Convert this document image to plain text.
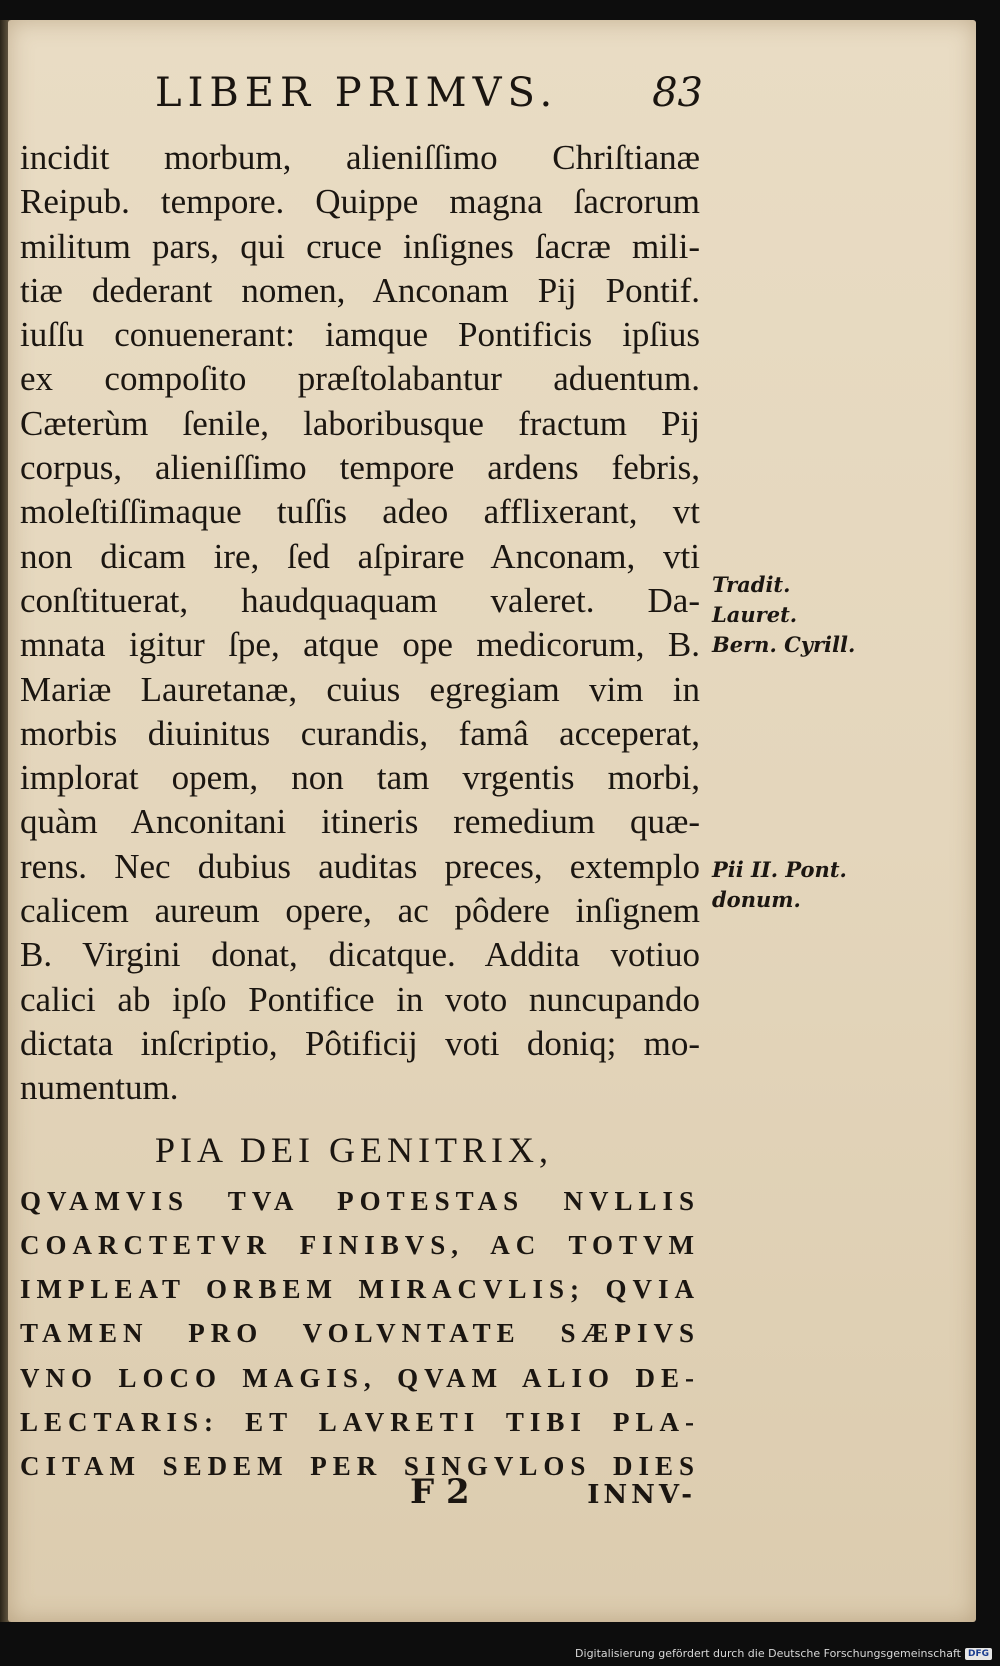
LIBER PRIMVS. 83
incidit morbum, alieniſſimo Chriſtianæ
Reipub. tempore. Quippe magna ſacrorum
militum pars, qui cruce inſignes ſacræ mili-
tiæ dederant nomen, Anconam Pij Pontif.
iuſſu conuenerant: iamque Pontificis ipſius
ex compoſito præſtolabantur aduentum.
Cæterùm ſenile, laboribusque fractum Pij
corpus, alieniſſimo tempore ardens febris,
moleſtiſſimaque tuſſis adeo afflixerant, vt
non dicam ire, ſed aſpirare Anconam, vti
conſtituerat, haudquaquam valeret. Da-
mnata igitur ſpe, atque ope medicorum, B.
Mariæ Lauretanæ, cuius egregiam vim in
morbis diuinitus curandis, famâ acceperat,
implorat opem, non tam vrgentis morbi,
quàm Anconitani itineris remedium quæ-
rens. Nec dubius auditas preces, extemplo
calicem aureum opere, ac pôdere inſignem
B. Virgini donat, dicatque. Addita votiuo
calici ab ipſo Pontifice in voto nuncupando
dictata inſcriptio, Pôtificij voti doniq; mo-
numentum.
PIA DEI GENITRIX,
QVAMVIS TVA POTESTAS NVLLIS
COARCTETVR FINIBVS, AC TOTVM
IMPLEAT ORBEM MIRACVLIS; QVIA
TAMEN PRO VOLVNTATE SÆPIVS
VNO LOCO MAGIS, QVAM ALIO DE-
LECTARIS: ET LAVRETI TIBI PLA-
CITAM SEDEM PER SINGVLOS DIES
F 2	INNV-
Tradit.
Lauret.
Bern. Cyrill.
Pii II. Pont.
donum.
Digitalisierung gefördert durch die Deutsche Forschungsgemeinschaft DFG
